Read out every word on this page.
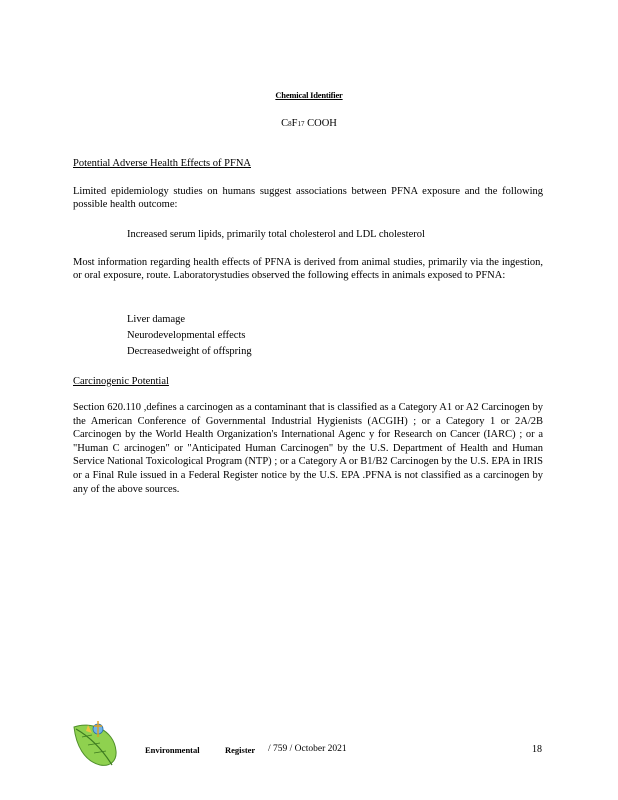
Chemical Identifier
C8F17 COOH
Potential Adverse Health Effects of PFNA
Limited epidemiology studies on humans suggest associations between PFNA exposure and the following possible health outcome:
Increased serum lipids, primarily total cholesterol and LDL cholesterol
Most information regarding health effects of PFNA is derived from animal studies, primarily via the ingestion, or oral exposure, route. Laboratorystudies observed the following effects in animals exposed to PFNA:
Liver damage
Neurodevelopmental effects
Decreasedweight of offspring
Carcinogenic Potential
Section 620.110 ,defines a carcinogen as a contaminant that is classified as a Category A1 or A2 Carcinogen by the American Conference of Governmental Industrial Hygienists (ACGIH) ; or a Category 1 or 2A/2B Carcinogen by the World Health Organization's International Agenc y for Research on Cancer (IARC) ; or a "Human C arcinogen" or "Anticipated Human Carcinogen" by the U.S. Department of Health and Human Service National Toxicological Program (NTP) ; or a Category A or B1/B2 Carcinogen by the U.S. EPA in IRIS or a Final Rule issued in a Federal Register notice by the U.S. EPA .PFNA is not classified as a carcinogen by any of the above sources.
Environmental	Register / 759 / October 2021	18
